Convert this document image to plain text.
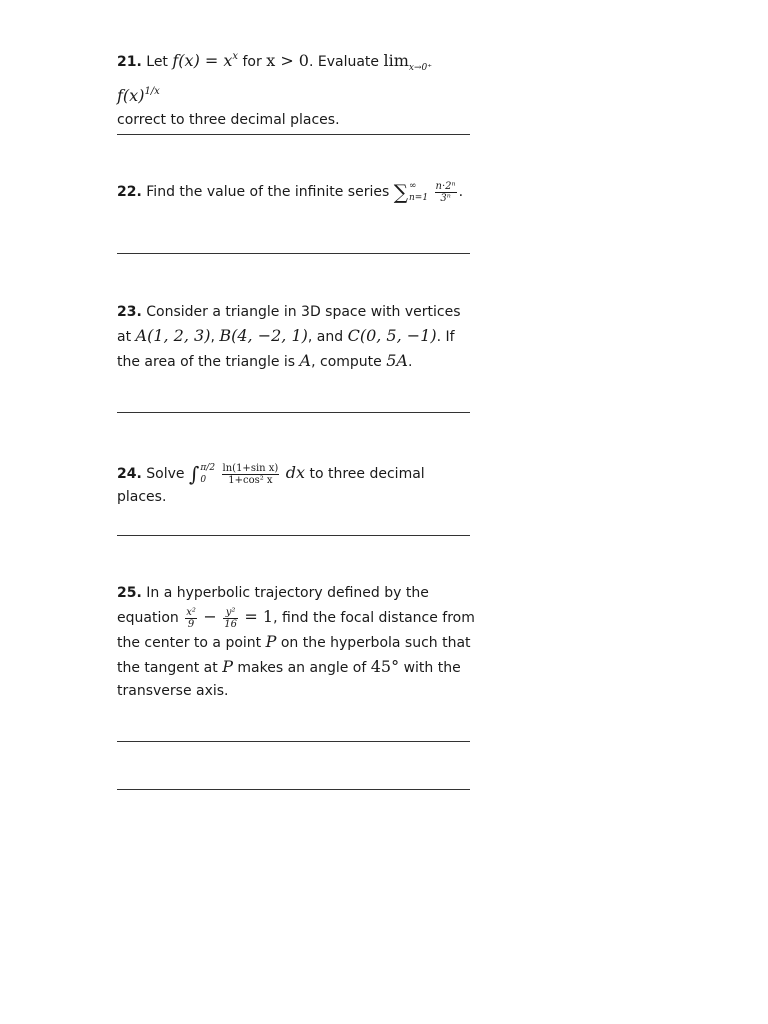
21. Let $f(x) = x^x$ for x > 0. Evaluate $\lim_{x\to 0^+} f(x)^{1/x}$
correct to three decimal places.
22. Find the value of the infinite series ∑ ∞
n=1
$\frac{\text{n·2ⁿ}}{\text{3ⁿ}}$ .
23. Consider a triangle in 3D space with vertices at A(1, 2, 3), B(4, −2, 1), and C(0, 5, −1). If the area of the triangle is A, compute 5A.
24. Solve ∫ π/2
0
	$\frac{\text{ln(1+sin x)}}{\text{1+cos² x}}$ dx to three decimal places.
25. In a hyperbolic trajectory defined by the equation $\frac{\text{x²}}{9} - \frac{\text{y²}}{16} = 1$, find the focal distance from the center to a point P on the hyperbola such that the tangent at P makes an angle of 45° with the transverse axis.
